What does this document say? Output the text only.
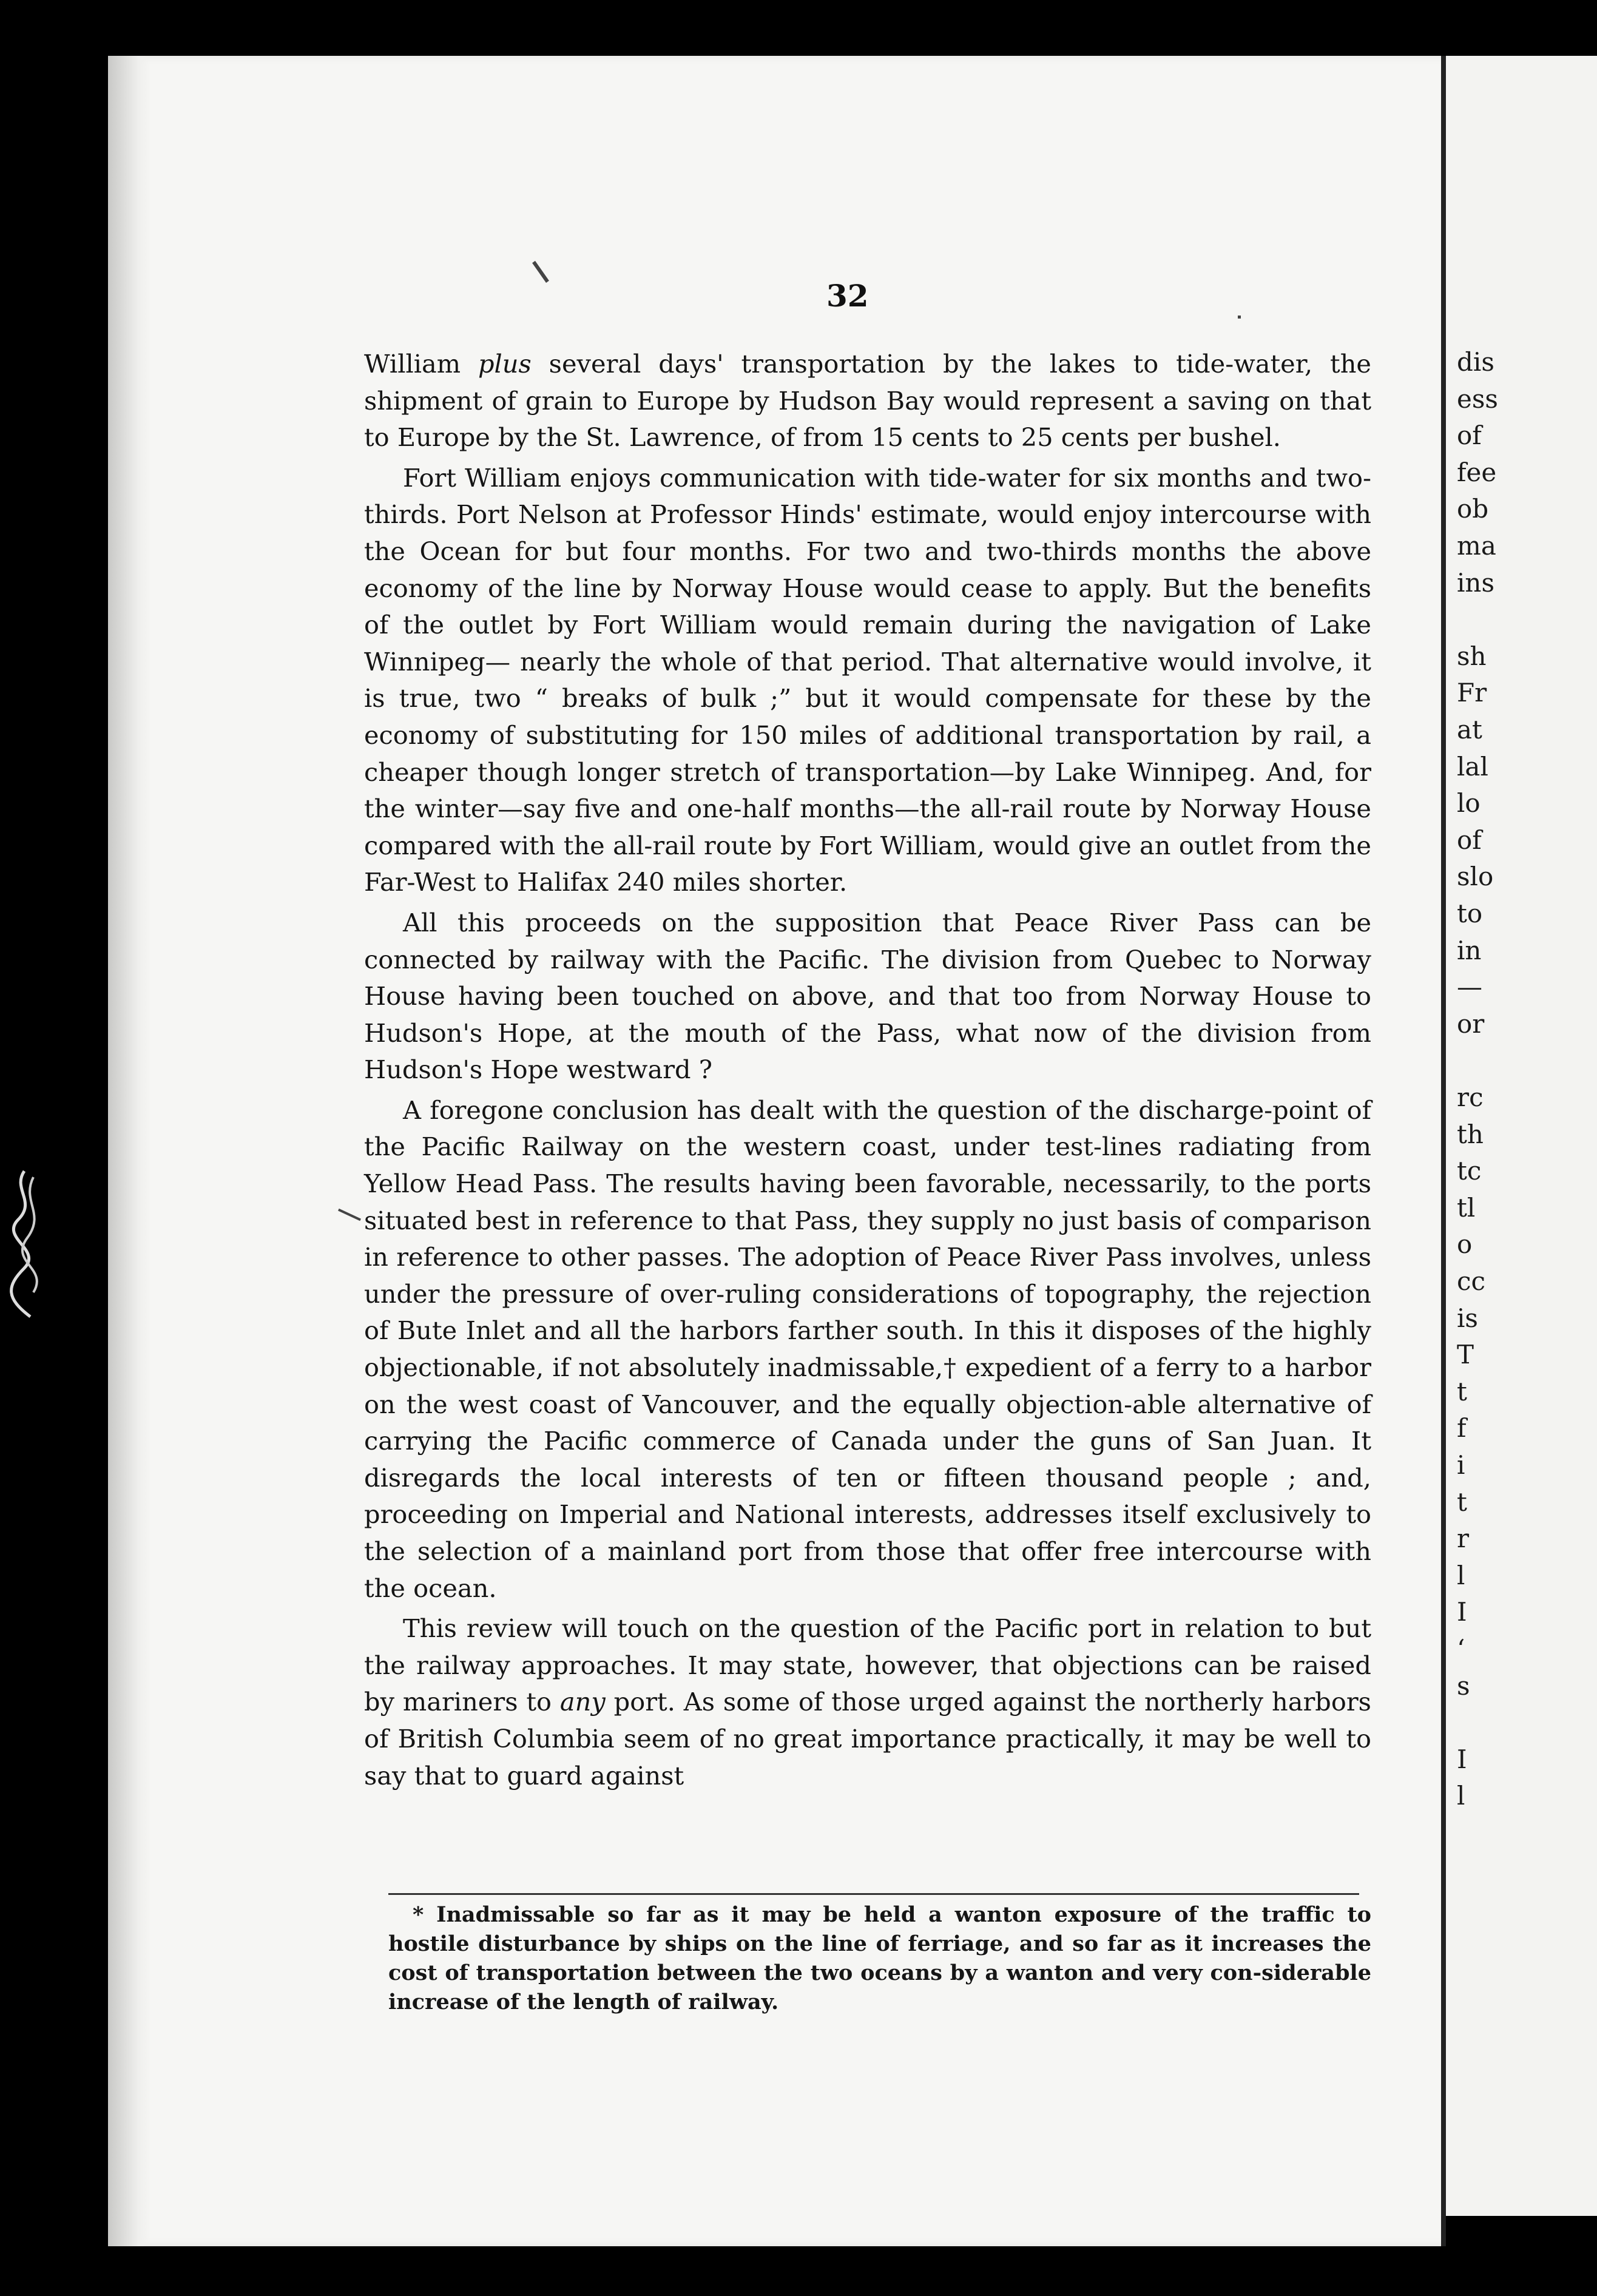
dis
ess
of
fee
ob
ma
ins
sh
Fr
at
lal
lo
of
slo
to
in
—
or
rc
th
tc
tl
o
cc
is
T
t
f
i
t
r
l
I
‘
s
I
l
32

William plus several days' transportation by the lakes to tide-water, the shipment of grain to Europe by Hudson Bay would represent a saving on that to Europe by the St. Lawrence, of from 15 cents to 25 cents per bushel.

Fort William enjoys communication with tide-water for six months and two-thirds. Port Nelson at Professor Hinds' estimate, would enjoy intercourse with the Ocean for but four months. For two and two-thirds months the above economy of the line by Norway House would cease to apply. But the benefits of the outlet by Fort William would remain during the navigation of Lake Winnipeg— nearly the whole of that period. That alternative would involve, it is true, two “ breaks of bulk ;” but it would compensate for these by the economy of substituting for 150 miles of additional transportation by rail, a cheaper though longer stretch of transportation—by Lake Winnipeg. And, for the winter—say five and one-half months—the all-rail route by Norway House compared with the all-rail route by Fort William, would give an outlet from the Far-West to Halifax 240 miles shorter.

All this proceeds on the supposition that Peace River Pass can be connected by railway with the Pacific. The division from Quebec to Norway House having been touched on above, and that too from Norway House to Hudson's Hope, at the mouth of the Pass, what now of the division from Hudson's Hope westward ?

A foregone conclusion has dealt with the question of the discharge-point of the Pacific Railway on the western coast, under test-lines radiating from Yellow Head Pass. The results having been favorable, necessarily, to the ports situated best in reference to that Pass, they supply no just basis of comparison in reference to other passes. The adoption of Peace River Pass involves, unless under the pressure of over-ruling considerations of topography, the rejection of Bute Inlet and all the harbors farther south. In this it disposes of the highly objectionable, if not absolutely inadmissable,† expedient of a ferry to a harbor on the west coast of Vancouver, and the equally objection-able alternative of carrying the Pacific commerce of Canada under the guns of San Juan. It disregards the local interests of ten or fifteen thousand people ; and, proceeding on Imperial and National interests, addresses itself exclusively to the selection of a mainland port from those that offer free intercourse with the ocean.

This review will touch on the question of the Pacific port in relation to but the railway approaches. It may state, however, that objections can be raised by mariners to any port. As some of those urged against the northerly harbors of British Columbia seem of no great importance practically, it may be well to say that to guard against

* Inadmissable so far as it may be held a wanton exposure of the traffic to hostile disturbance by ships on the line of ferriage, and so far as it increases the cost of transportation between the two oceans by a wanton and very con-siderable increase of the length of railway.
